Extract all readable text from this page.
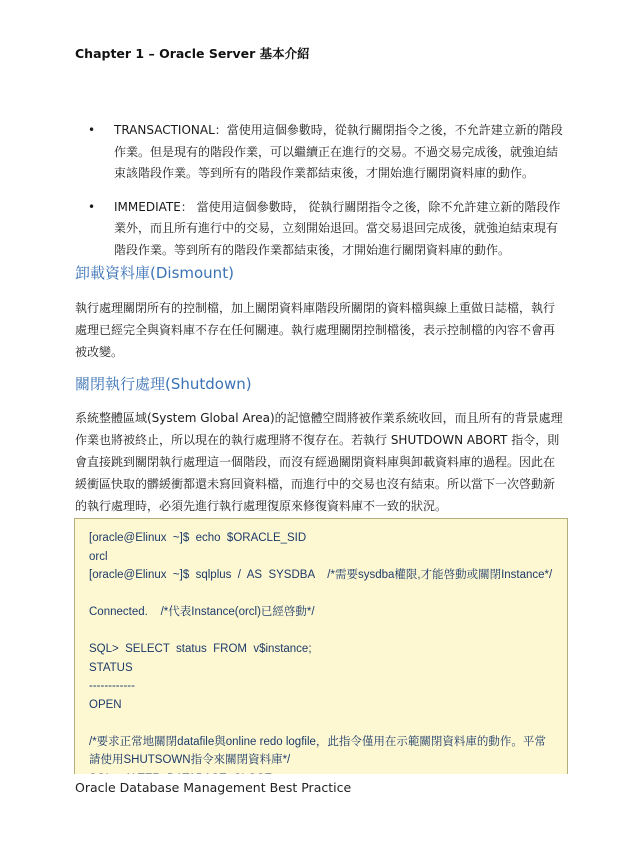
Chapter 1 – Oracle Server 基本介紹
• TRANSACTIONAL：當使用這個參數時，從執行關閉指令之後，不允許建立新的階段作業。但是現有的階段作業，可以繼續正在進行的交易。不過交易完成後，就強迫結束該階段作業。等到所有的階段作業都結束後，才開始進行關閉資料庫的動作。
• IMMEDIATE： 當使用這個參數時， 從執行關閉指令之後，除不允許建立新的階段作業外，而且所有進行中的交易，立刻開始退回。當交易退回完成後，就強迫結束現有階段作業。等到所有的階段作業都結束後，才開始進行關閉資料庫的動作。
卸載資料庫(Dismount)

執行處理關閉所有的控制檔，加上關閉資料庫階段所關閉的資料檔與線上重做日誌檔，執行處理已經完全與資料庫不存在任何關連。執行處理關閉控制檔後，表示控制檔的內容不會再被改變。

關閉執行處理(Shutdown)

系統整體區域(System Global Area)的記憶體空間將被作業系統收回，而且所有的背景處理作業也將被終止，所以現在的執行處理將不復存在。若執行 SHUTDOWN ABORT 指令，則會直接跳到關閉執行處理這一個階段，而沒有經過關閉資料庫與卸載資料庫的過程。因此在緩衝區快取的髒緩衝都還未寫回資料檔，而進行中的交易也沒有結束。所以當下一次啓動新的執行處理時，必須先進行執行處理復原來修復資料庫不一致的狀況。

[oracle@Elinux  ~]$  echo  $ORACLE_SID
orcl
[oracle@Elinux  ~]$  sqlplus  /  AS  SYSDBA    /*需要sysdba權限,才能啓動或關閉Instance*/
Connected.    /*代表Instance(orcl)已經啓動*/
SQL>  SELECT  status  FROM  v$instance;
STATUS
------------
OPEN
/*要求正常地關閉datafile與online redo logfile，此指令僅用在示範關閉資料庫的動作。平常請使用SHUTSOWN指令來關閉資料庫*/
Oracle Database Management Best Practice
